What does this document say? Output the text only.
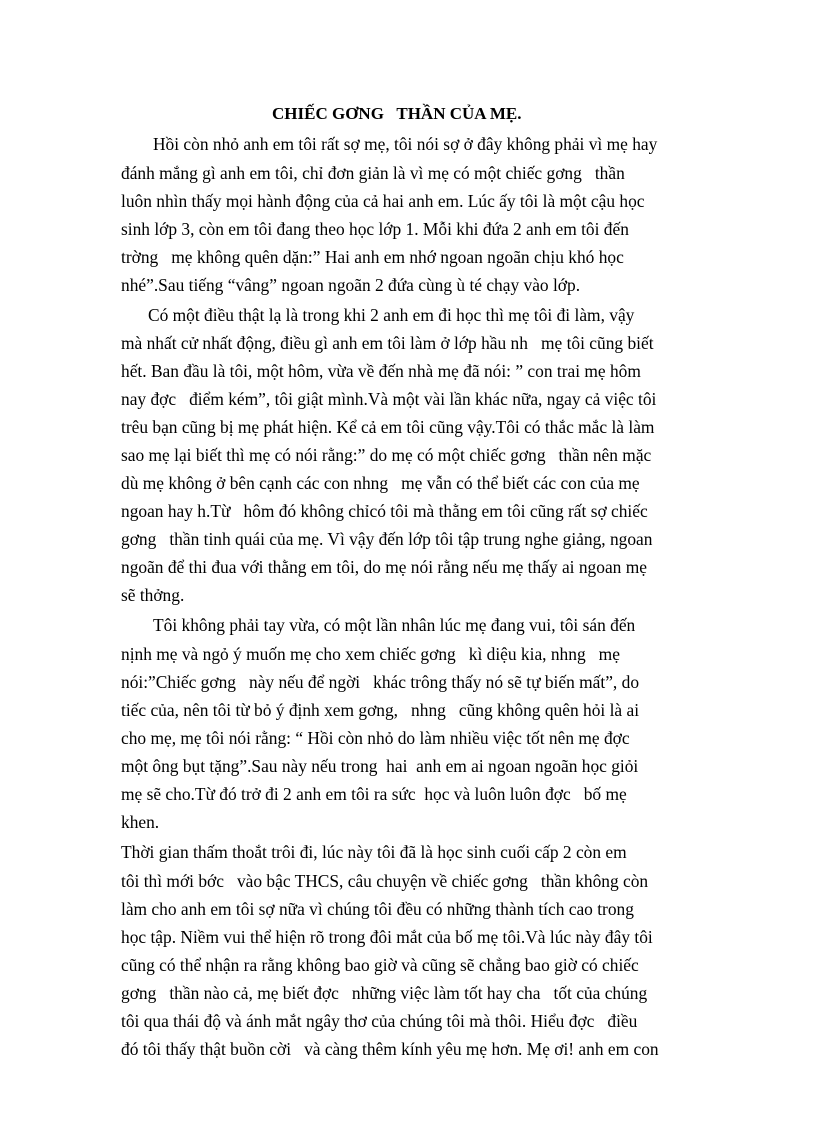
CHIẾC GƠNG   THẦN CỦA MẸ.
Hồi còn nhỏ anh em tôi rất sợ mẹ, tôi nói sợ ở đây không phải vì mẹ hay
đánh mắng gì anh em tôi, chỉ đơn giản là vì mẹ có một chiếc gơng   thần
luôn nhìn thấy mọi hành động của cả hai anh em. Lúc ấy tôi là một cậu học
sinh lớp 3, còn em tôi đang theo học lớp 1. Mỗi khi đứa 2 anh em tôi đến
trờng   mẹ không quên dặn:” Hai anh em nhớ ngoan ngoãn chịu khó học
nhé”.Sau tiếng “vâng” ngoan ngoãn 2 đứa cùng ù té chạy vào lớp.
Có một điều thật lạ là trong khi 2 anh em đi học thì mẹ tôi đi làm, vậy
mà nhất cử nhất động, điều gì anh em tôi làm ở lớp hầu nh   mẹ tôi cũng biết
hết. Ban đầu là tôi, một hôm, vừa về đến nhà mẹ đã nói: ” con trai mẹ hôm
nay đợc   điểm kém”, tôi giật mình.Và một vài lần khác nữa, ngay cả việc tôi
trêu bạn cũng bị mẹ phát hiện. Kể cả em tôi cũng vậy.Tôi có thắc mắc là làm
sao mẹ lại biết thì mẹ có nói rằng:” do mẹ có một chiếc gơng   thần nên mặc
dù mẹ không ở bên cạnh các con nhng   mẹ vẫn có thể biết các con của mẹ
ngoan hay h.Từ   hôm đó không chỉcó tôi mà thằng em tôi cũng rất sợ chiếc
gơng   thần tinh quái của mẹ. Vì vậy đến lớp tôi tập trung nghe giảng, ngoan
ngoãn để thi đua với thằng em tôi, do mẹ nói rằng nếu mẹ thấy ai ngoan mẹ
sẽ thởng.
Tôi không phải tay vừa, có một lần nhân lúc mẹ đang vui, tôi sán đến
nịnh mẹ và ngỏ ý muốn mẹ cho xem chiếc gơng   kì diệu kia, nhng   mẹ
nói:”Chiếc gơng   này nếu để ngời   khác trông thấy nó sẽ tự biến mất”, do
tiếc của, nên tôi từ bỏ ý định xem gơng,   nhng   cũng không quên hỏi là ai
cho mẹ, mẹ tôi nói rằng: “ Hồi còn nhỏ do làm nhiều việc tốt nên mẹ đợc
một ông bụt tặng”.Sau này nếu trong  hai  anh em ai ngoan ngoãn học giỏi
mẹ sẽ cho.Từ đó trở đi 2 anh em tôi ra sức  học và luôn luôn đợc   bố mẹ
khen.
Thời gian thấm thoắt trôi đi, lúc này tôi đã là học sinh cuối cấp 2 còn em
tôi thì mới bớc   vào bậc THCS, câu chuyện về chiếc gơng   thần không còn
làm cho anh em tôi sợ nữa vì chúng tôi đều có những thành tích cao trong
học tập. Niềm vui thể hiện rõ trong đôi mắt của bố mẹ tôi.Và lúc này đây tôi
cũng có thể nhận ra rằng không bao giờ và cũng sẽ chẳng bao giờ có chiếc
gơng   thần nào cả, mẹ biết đợc   những việc làm tốt hay cha   tốt của chúng
tôi qua thái độ và ánh mắt ngây thơ của chúng tôi mà thôi. Hiểu đợc   điều
đó tôi thấy thật buồn cời   và càng thêm kính yêu mẹ hơn. Mẹ ơi! anh em con
